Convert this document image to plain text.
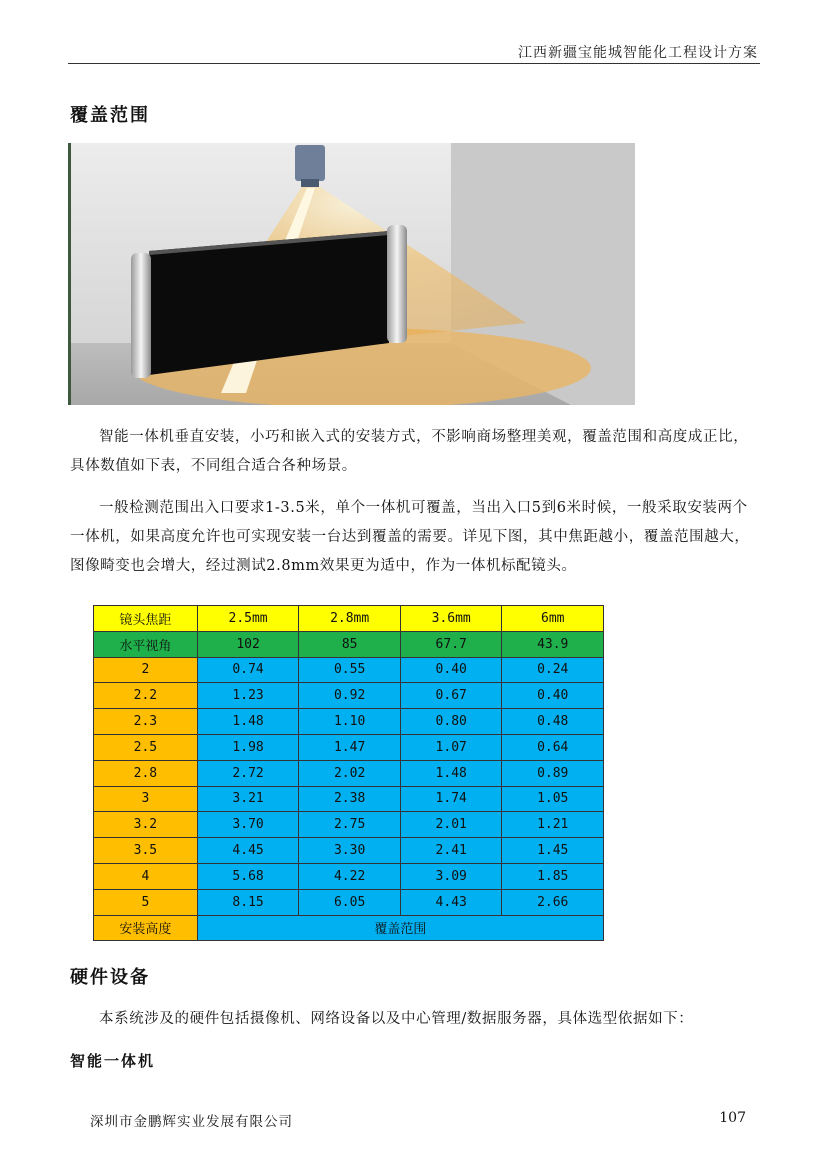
江西新疆宝能城智能化工程设计方案
覆盖范围

智能一体机垂直安装，小巧和嵌入式的安装方式，不影响商场整理美观，覆盖范围和高度成正比，具体数值如下表，不同组合适合各种场景。

一般检测范围出入口要求1-3.5米，单个一体机可覆盖，当出入口5到6米时候，一般采取安装两个一体机，如果高度允许也可实现安装一台达到覆盖的需要。详见下图，其中焦距越小，覆盖范围越大，图像畸变也会增大，经过测试2.8mm效果更为适中，作为一体机标配镜头。

镜头焦距	2.5mm	2.8mm	3.6mm	6mm
水平视角	102	85	67.7	43.9
2	0.74	0.55	0.40	0.24
2.2	1.23	0.92	0.67	0.40
2.3	1.48	1.10	0.80	0.48
2.5	1.98	1.47	1.07	0.64
2.8	2.72	2.02	1.48	0.89
3	3.21	2.38	1.74	1.05
3.2	3.70	2.75	2.01	1.21
3.5	4.45	3.30	2.41	1.45
4	5.68	4.22	3.09	1.85
5	8.15	6.05	4.43	2.66
安装高度	覆盖范围			
硬件设备

本系统涉及的硬件包括摄像机、网络设备以及中心管理/数据服务器，具体选型依据如下：

智能一体机
深圳市金鹏辉实业发展有限公司	107
